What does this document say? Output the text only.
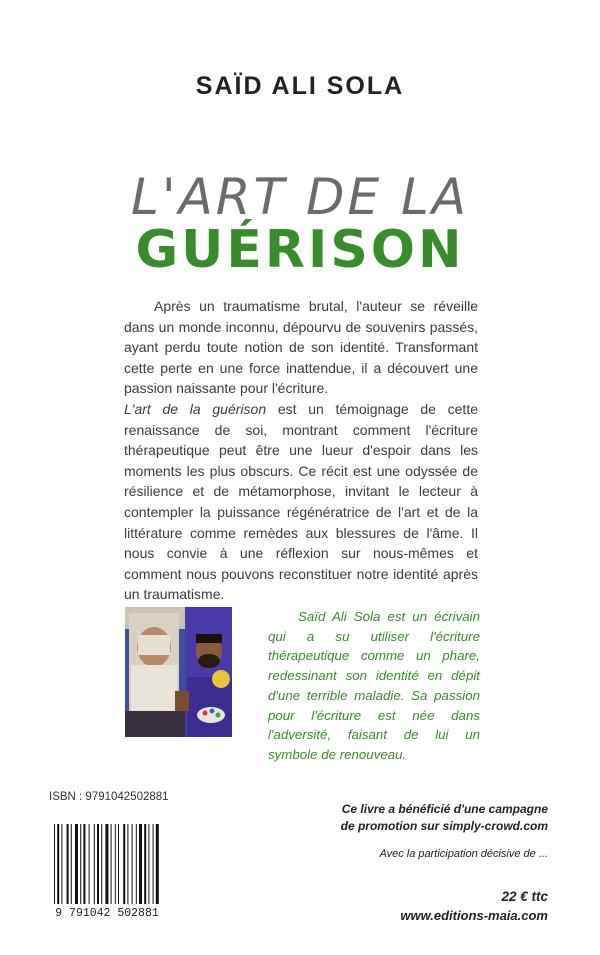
SAÏD ALI SOLA
L'ART DE LA
GUÉRISON

Après un traumatisme brutal, l'auteur se réveille dans un monde inconnu, dépourvu de souvenirs passés, ayant perdu toute notion de son identité. Transformant cette perte en une force inattendue, il a découvert une passion naissante pour l'écriture.

L'art de la guérison est un témoignage de cette renaissance de soi, montrant comment l'écriture thérapeutique peut être une lueur d'espoir dans les moments les plus obscurs. Ce récit est une odyssée de résilience et de métamorphose, invitant le lecteur à contempler la puissance régénératrice de l'art et de la littérature comme remèdes aux blessures de l'âme. Il nous convie à une réflexion sur nous-mêmes et comment nous pouvons reconstituer notre identité après un traumatisme.

Saïd Ali Sola est un écrivain qui a su utiliser l'écriture thérapeutique comme un phare, redessinant son identité en dépit d'une terrible maladie. Sa passion pour l'écriture est née dans l'adversité, faisant de lui un symbole de renouveau.

ISBN : 9791042502881
9 791042 502881
Ce livre a bénéficié d'une campagne de promotion sur simply-crowd.com
Avec la participation décisive de ...
22 € ttc
www.editions-maia.com
